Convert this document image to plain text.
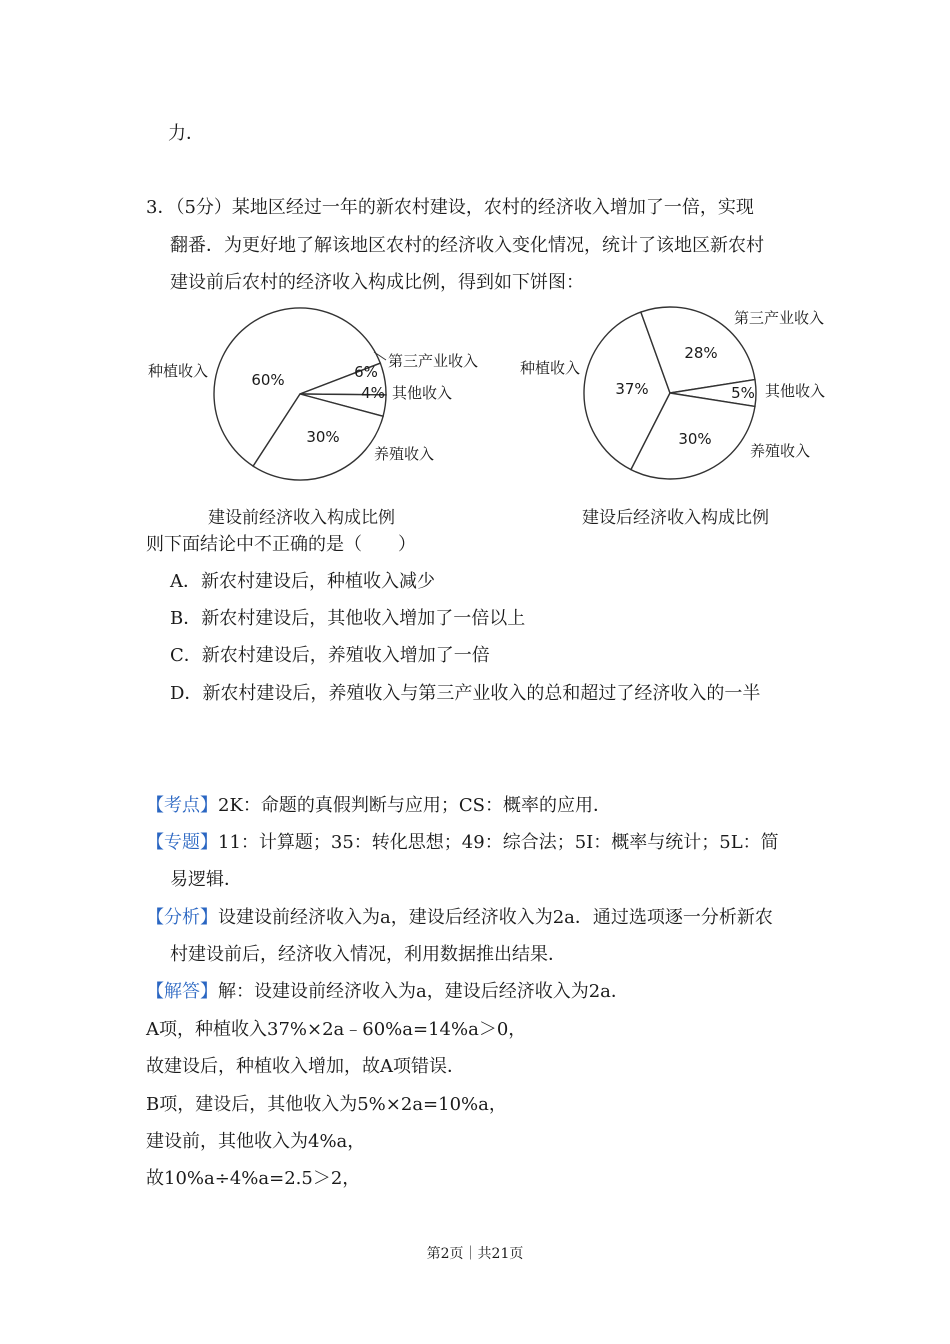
力．
3．（5分）某地区经过一年的新农村建设，农村的经济收入增加了一倍，实现
翻番．为更好地了解该地区农村的经济收入变化情况，统计了该地区新农村
建设前后农村的经济收入构成比例，得到如下饼图：
种植收入	60%
第三产业收入
6%
其他收入
4%
养殖收入
30%
种植收入
37%
第三产业收入
28%
其他收入
5%
养殖收入
30%
建设前经济收入构成比例	建设后经济收入构成比例
则下面结论中不正确的是（　　）
A．新农村建设后，种植收入减少
B．新农村建设后，其他收入增加了一倍以上
C．新农村建设后，养殖收入增加了一倍
D．新农村建设后，养殖收入与第三产业收入的总和超过了经济收入的一半
【考点】2K：命题的真假判断与应用；CS：概率的应用．
【专题】11：计算题；35：转化思想；49：综合法；5I：概率与统计；5L：简
易逻辑．
【分析】设建设前经济收入为a，建设后经济收入为2a．通过选项逐一分析新农
村建设前后，经济收入情况，利用数据推出结果．
【解答】解：设建设前经济收入为a，建设后经济收入为2a．
A项，种植收入37%×2a﹣60%a=14%a＞0，
故建设后，种植收入增加，故A项错误．
B项，建设后，其他收入为5%×2a=10%a，
建设前，其他收入为4%a，
故10%a÷4%a=2.5＞2，
第2页｜共21页
